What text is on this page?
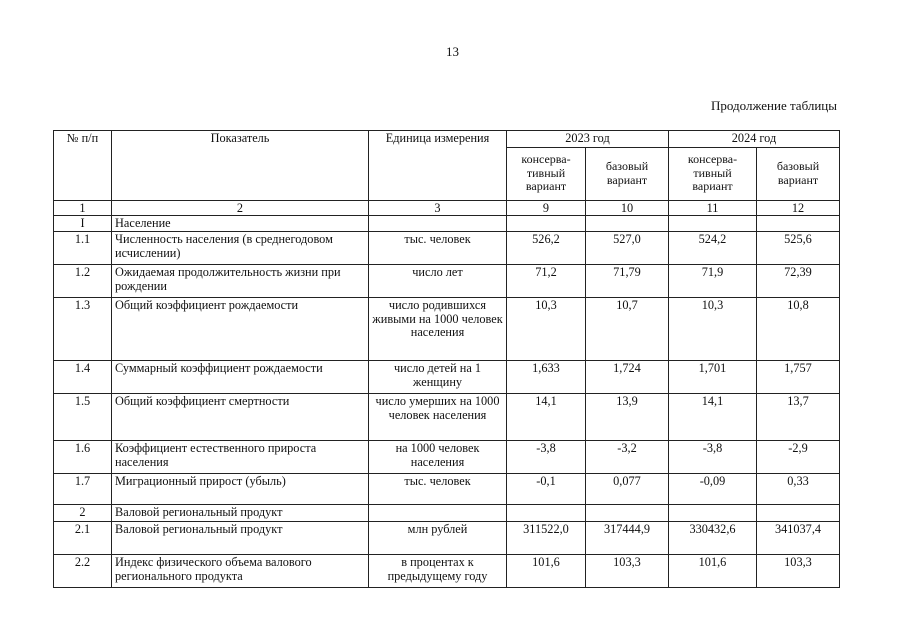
13
Продолжение таблицы
№ п/п	Показатель	Единица измерения	2023 год		2024 год	
			консерва-тивный вариант	базовый вариант	консерва-тивный вариант	базовый вариант
1	2	3	9	10	11	12
I	Население					
1.1	Численность населения (в среднегодовом исчислении)	тыс. человек	526,2	527,0	524,2	525,6
1.2	Ожидаемая продолжительность жизни при рождении	число лет	71,2	71,79	71,9	72,39
1.3	Общий коэффициент рождаемости	число родившихся живыми на 1000 человек населения	10,3	10,7	10,3	10,8
1.4	Суммарный коэффициент рождаемости	число детей на 1 женщину	1,633	1,724	1,701	1,757
1.5	Общий коэффициент смертности	число умерших на 1000 человек населения	14,1	13,9	14,1	13,7
1.6	Коэффициент естественного прироста населения	на 1000 человек населения	-3,8	-3,2	-3,8	-2,9
1.7	Миграционный прирост (убыль)	тыс. человек	-0,1	0,077	-0,09	0,33
2	Валовой региональный продукт					
2.1	Валовой региональный продукт	млн рублей	311522,0	317444,9	330432,6	341037,4
2.2	Индекс физического объема валового регионального продукта	в процентах к предыдущему году	101,6	103,3	101,6	103,3
